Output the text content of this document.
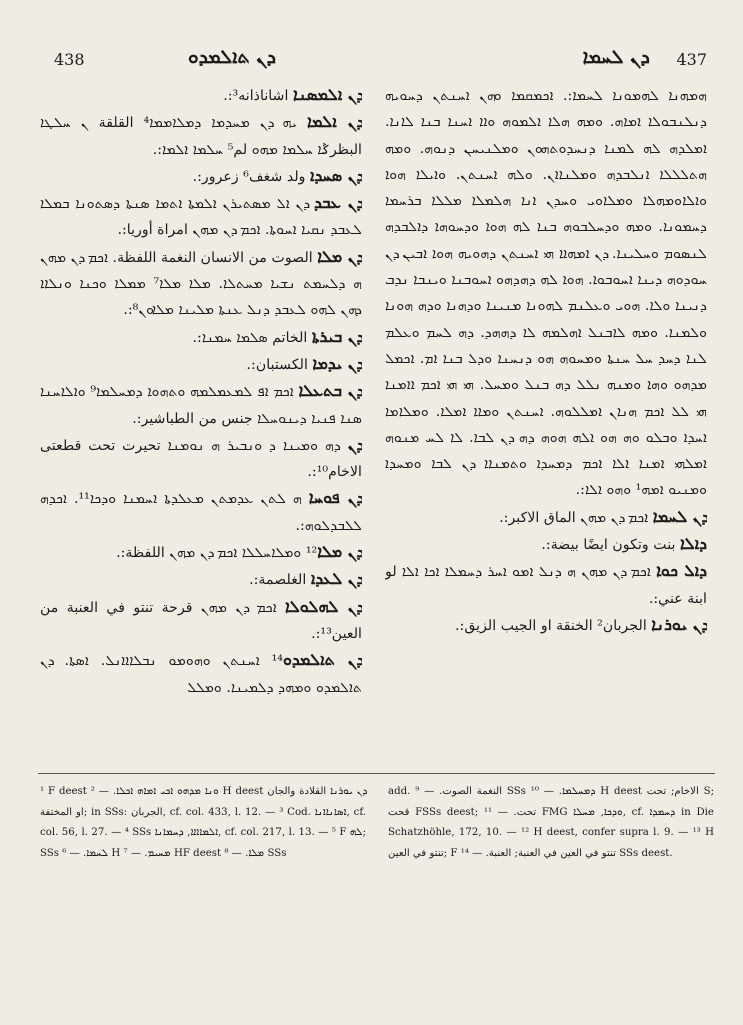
438	ܕܢ ܬܐܠܡܕܘ	ܕܢ ܠܚܡܐ 437

ܕܢ ܐܠܡܣܢܐ اشاناذانه³:.

ܕܢ ܐܠܡܐ ܝܗ ܕܢ ܡܚܕܡܐ ܕܡܠܐܡܡܐ⁴ القلقة ܢ ܚܠܛܐ البظرݣܐ ܚܠܡܐ ܡܗܘ لم⁵ ܚܠܡܐ ܐܠܡܐ:.

ܕܢ ܣܚܕܐ ولد شغف⁶ زعرور:.

ܕܢ ܥܒܕ ܕܢ ܐܠ ܡܣܬܝܪܢ ܐܠܡܬܐ ܐܬܡܐ ܣܢܬܐ ܕܣܬܘܢܐ ܒܡܠܐ ܠܥܒܕ ܢܩܝܐ ܐܚܘܬܐ. ܐܟܡ ܕܢ ܡܗܢ امراة أوريا:.

ܕܢ ܡܠܐ الصوت من الانسان النغمة اللفظة. ܐܟܡ ܕܢ ܡܗܢ ܗ ܕܠܚܡܬ ܢܫܝܐ ܡܚܬܠܐ. ܡܠܐ ܡܠܐ⁷ ܡܡܠܐ ܘܟܢܐ ܘܢܠܐܐ ܕܗܢ ܠܗܘ ܠܥܒܕ ܕܢܠ ܥܢܬܐ ܡܠܝܢܐ ܡܠܐܘܢ⁸:.

ܕܢ ܒܝܪܬܐ الخاتم ܣܠܡܐ ܚܡܢܐ:.

ܕܢ ܝܕܡܐ الكستبان:.

ܕܢ ܒܬܥܠܐ ܐܟܡ ܐܦ ܠܡܥܡܠܡܗ ܘܬܗܘܐ ܕܡܚܠܡܐ⁹ ܘܐܠܐܚܢܐ ܣܢܐ ܦܢܝܐ ܕܝܢܘܚܠܐ جنس من الطباشير:.

ܕܢ ܕܗ ܘܡܝܢܐ ܕ ܘܢܒܝܪ ܗ ܢܘܡܢܐ تحيرت تحت قطعتى الاخام¹⁰:.

ܕܢ ܦܘܚܐ ܗ ܠܬܢ ܥܕܡܬܢ ܡܥܠܕܬܐ ܐܚܡܢܐ ܘܕܟܐ¹¹. ܐܟܕܗ ܠܠܒܕܠܘܗ:.

ܕܢ ܡܠܐ¹² ܘܡܠܐܚܠܠܐ ܐܟܡ ܕܢ ܡܗܢ اللفظة:.

ܕܢ ܠܥܕܐ الغلصمة:.

ܕܢ ܠܗܠܘܠܐ ܐܟܡ ܕܢ ܡܗܢ قرحة تنتو في العنبة من العين¹³:.

ܕܢ ܬܐܠܡܕܘ¹⁴ ܐܚܢܬܢ ܘܗܘܡܘ ܢܒܠܐܐܐܢܠ. ܐܣܬܐ. ܕܢ ܬܐܠܡܕܘ ܘܡܗܕ ܕܠܡܝܢܐ. ܘܡܠܠ

ܗܡܗܢܐ ܠܗܡܘܢܐ ܠܚܡܐ:. ܐܟܡܩܡܐ ܘܗܢ ܐܚܢܬܢ ܕܚܘܝܗ ܕܢܠܢܒܘܠܐ ܐܡܐܗ. ܘܡܗ ܗܠܐ ܐܠܡܘܗ ܘܐܐ ܐܚܢܐ ܒܢܐ ܠܐܢܐ. ܐܡܠܕܗ ܠܗ ܠܡܢܐ ܕܢܚܕܘܬܗܘܢ ܘܡܠܢܝܚܢ ܕܢܘܗ. ܘܡܗ ܗܬܠܠܠܐ ܐܢܠܒܕܗ ܘܡܠܢܐܐܢ. ܘܠܗ ܐܚܢܬܢ. ܘܐܝܠܐ ܗܘܐ ܘܐܠܐܘܡܗܠܐ ܘܡܠܐܘܝ ܘܚܕܢ ܐܢܐ ܗܠܡܠܐ ܡܠܠܐ ܒܪܚܡܐ ܕܚܡܘܢܐ. ܘܡܗ ܘܕܚܠܒܘܗ ܒܢܐ ܠܗ ܗܘܐ ܘܕܚܘܗܐ ܕܐܠܒܕܗ ܠܢܣܘܡ ܘܚܠܝܢܐ. ܕܢ ܐܡܗܐܐ ܗܝ ܐܚܢܬܢ ܕܗܘܝܗ ܗܘܐ ܐܒܝܢ ܕܢ ܚܘܕܘܗ ܕܝܢܐ ܐܚܘܒܘܐ. ܗܘܐ ܠܗ ܕܗܕܗܘ ܐܚܘܒܢܐ ܘܝܢܒܐ ܢܕܒ ܕܢܝܢܐ ܘܠܐ. ܗܘܝ ܘܥܠܢܡ ܠܗܘܢܐ ܡܢܝܢܐ ܘܕܗܢܐ ܘܕܗ ܗܘܢܐ ܘܠܡܢܐ. ܘܡܗ ܠܐܒܢܠ ܐܗܠܡܗ ܠܐ ܕܗܗܕ. ܕܗ ܠܚܡ ܘܥܠܡ ܠܢܐ ܕܚܕ ܚܠ ܚܢܬܐ ܘܡܚܘܗ ܗܘ ܕܢܚܢܐ ܘܕܠ ܒܢܐ ܐܡ. ܐܟܡܠ ܡܕܗܘ ܘܗܐ ܘܡܢܗ ܢܠܠ ܕܗ ܒܢܠ ܘܡܚܠ. ܗܝ ܗܝ ܐܟܡ ܐܐܡܢܐ ܗܝ ܠܠ ܐܟܡ ܗܢܐܢ ܐܡܠܠܘܗ. ܐܚܢܬܢ ܘܡܐܐ ܐܡܠܐ. ܘܡܠܐܡܐ ܐܚܕܐ ܘܒܠܘ ܘܗ ܗܘ ܐܠܗ ܗܘܗ ܕܗ ܕܢ ܠܒܐ. ܠܐ ܠܚ ܡܢܘܗ ܐܡܠܗܝ ܐܡܢܐ ܐܠܐ ܐܟܡ ܕܡܚܕܐ ܘܬܡܢܐܐ ܕܢ ܠܒܐ ܘܡܚܕܐ ܘܡܢܝܘ ܐܡܗ¹ ܘܗܘ ܐܠܐ:.

ܕܢ ܠܚܡܐ ܐܟܡ ܕܢ ܡܗܢ الماق الاكبر:.

ܕܐܠܐ بنت وتكون ايضًا بيضة:.

ܕܐܠ ܟܘܐ ܐܟܡ ܕܢ ܡܗܢ ܗ ܕܢܠ ܐܡܘ ܐܚܪ ܕܚܡܠܐ ܐܟܐ ܐܠܐ لو ابنة عني:.

ܕܢ ܝܘܪܢܐ الجربان² الخنقة او الجيب الزيق:.

¹ F deest ܘܢܐ ܡܕܗܘ ܐܟܝ ܐܡܐܗ ܐܟܠܐ. — ² H deest ܕܢ ܝܘܪܢܐ القلادة والجان او المختفة; in SSs: الجربان, cf. col. 433, l. 12. — ³ Cod. ܐܣܐܢܐܐܢܐ, cf. col. 56, l. 27. — ⁴ SSs ܐܠܡܐܐܐܐ, ܕܚܡܐܢܐ, cf. col. 217, l. 13. — ⁵ F ܠܗ; SSs ܠܚܡܐ. — ⁶ H ܡܚܝܡ. — ⁷ HF deest ܡܠܐ. — ⁸ SSs

add. النغمة الصوت. — ⁹ SSs ܕܡܚܠܡܐ. — ¹⁰ H deest الاخام; تحت S; قحت FSSs deest; تحت. — ¹¹ FMG ܘܕܟܐ, ܡܚܠܐ, cf. ܕܚܡܕܐ in Die Schatzhöhle, 172, 10. — ¹² H deest, confer supra l. 9. — ¹³ H تنتو في العين; F تنتو في العين في العنبة; العنبة. — ¹⁴ SSs deest.
